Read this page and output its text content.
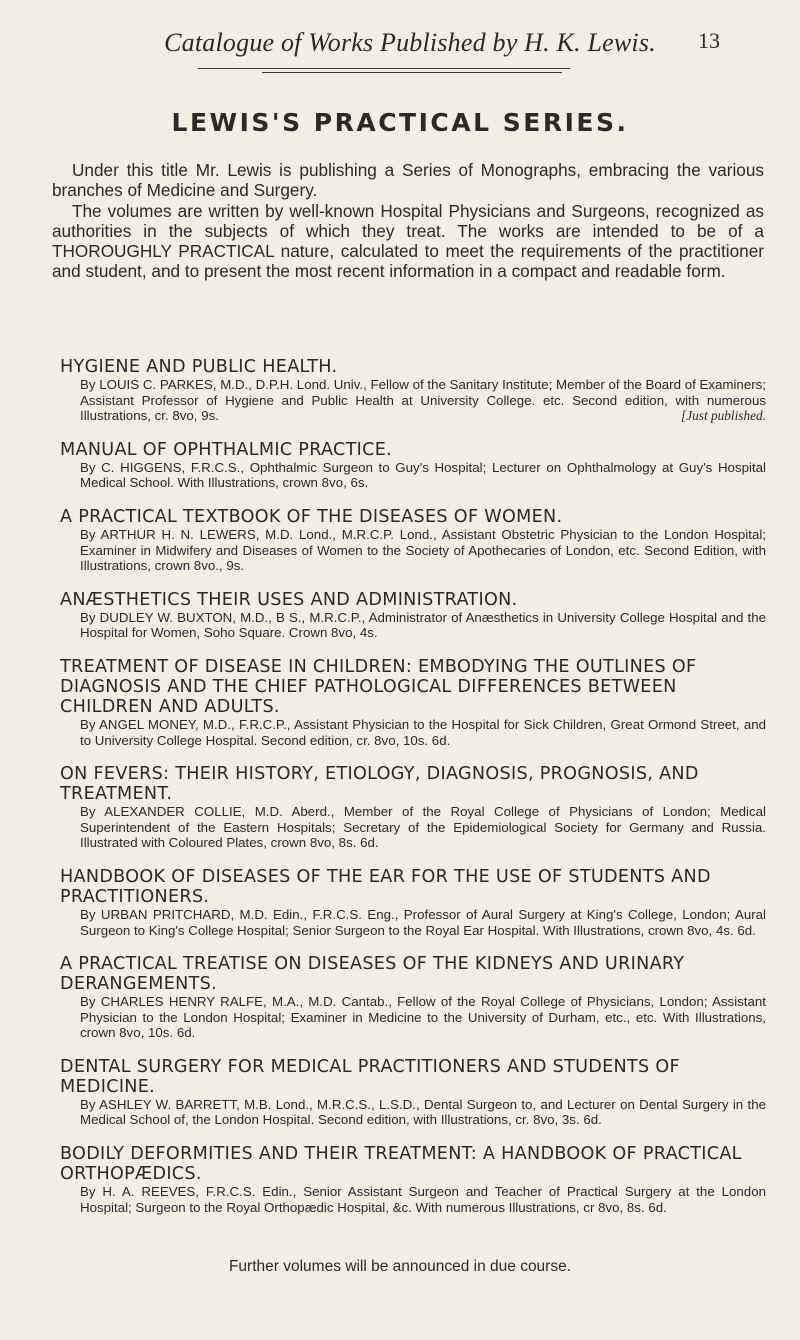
Catalogue of Works Published by H. K. Lewis.	13
LEWIS'S PRACTICAL SERIES.

Under this title Mr. Lewis is publishing a Series of Monographs, embracing the various branches of Medicine and Surgery.

The volumes are written by well-known Hospital Physicians and Surgeons, recognized as authorities in the subjects of which they treat. The works are intended to be of a THOROUGHLY PRACTICAL nature, calculated to meet the requirements of the practitioner and student, and to present the most recent information in a compact and readable form.

HYGIENE AND PUBLIC HEALTH.

By LOUIS C. PARKES, M.D., D.P.H. Lond. Univ., Fellow of the Sanitary Institute; Member of the Board of Examiners; Assistant Professor of Hygiene and Public Health at University College. etc. Second edition, with numerous Illustrations, cr. 8vo, 9s.	[Just published.

MANUAL OF OPHTHALMIC PRACTICE.

By C. HIGGENS, F.R.C.S., Ophthalmic Surgeon to Guy's Hospital; Lecturer on Ophthalmology at Guy's Hospital Medical School. With Illustrations, crown 8vo, 6s.

A PRACTICAL TEXTBOOK OF THE DISEASES OF WOMEN.

By ARTHUR H. N. LEWERS, M.D. Lond., M.R.C.P. Lond., Assistant Obstetric Physician to the London Hospital; Examiner in Midwifery and Diseases of Women to the Society of Apothecaries of London, etc. Second Edition, with Illustrations, crown 8vo., 9s.

ANÆSTHETICS THEIR USES AND ADMINISTRATION.

By DUDLEY W. BUXTON, M.D., B S., M.R.C.P., Administrator of Anæsthetics in University College Hospital and the Hospital for Women, Soho Square. Crown 8vo, 4s.

TREATMENT OF DISEASE IN CHILDREN: EMBODYING THE OUTLINES OF DIAGNOSIS AND THE CHIEF PATHOLOGICAL DIFFERENCES BETWEEN CHILDREN AND ADULTS.

By ANGEL MONEY, M.D., F.R.C.P., Assistant Physician to the Hospital for Sick Children, Great Ormond Street, and to University College Hospital. Second edition, cr. 8vo, 10s. 6d.

ON FEVERS: THEIR HISTORY, ETIOLOGY, DIAGNOSIS, PROGNOSIS, AND TREATMENT.

By ALEXANDER COLLIE, M.D. Aberd., Member of the Royal College of Physicians of London; Medical Superintendent of the Eastern Hospitals; Secretary of the Epidemiological Society for Germany and Russia. Illustrated with Coloured Plates, crown 8vo, 8s. 6d.

HANDBOOK OF DISEASES OF THE EAR FOR THE USE OF STUDENTS AND PRACTITIONERS.

By URBAN PRITCHARD, M.D. Edin., F.R.C.S. Eng., Professor of Aural Surgery at King's College, London; Aural Surgeon to King's College Hospital; Senior Surgeon to the Royal Ear Hospital. With Illustrations, crown 8vo, 4s. 6d.

A PRACTICAL TREATISE ON DISEASES OF THE KIDNEYS AND URINARY DERANGEMENTS.

By CHARLES HENRY RALFE, M.A., M.D. Cantab., Fellow of the Royal College of Physicians, London; Assistant Physician to the London Hospital; Examiner in Medicine to the University of Durham, etc., etc. With Illustrations, crown 8vo, 10s. 6d.

DENTAL SURGERY FOR MEDICAL PRACTITIONERS AND STUDENTS OF MEDICINE.

By ASHLEY W. BARRETT, M.B. Lond., M.R.C.S., L.S.D., Dental Surgeon to, and Lecturer on Dental Surgery in the Medical School of, the London Hospital. Second edition, with Illustrations, cr. 8vo, 3s. 6d.

BODILY DEFORMITIES AND THEIR TREATMENT: A HANDBOOK OF PRACTICAL ORTHOPÆDICS.

By H. A. REEVES, F.R.C.S. Edin., Senior Assistant Surgeon and Teacher of Practical Surgery at the London Hospital; Surgeon to the Royal Orthopædic Hospital, &c. With numerous Illustrations, cr 8vo, 8s. 6d.

Further volumes will be announced in due course.
